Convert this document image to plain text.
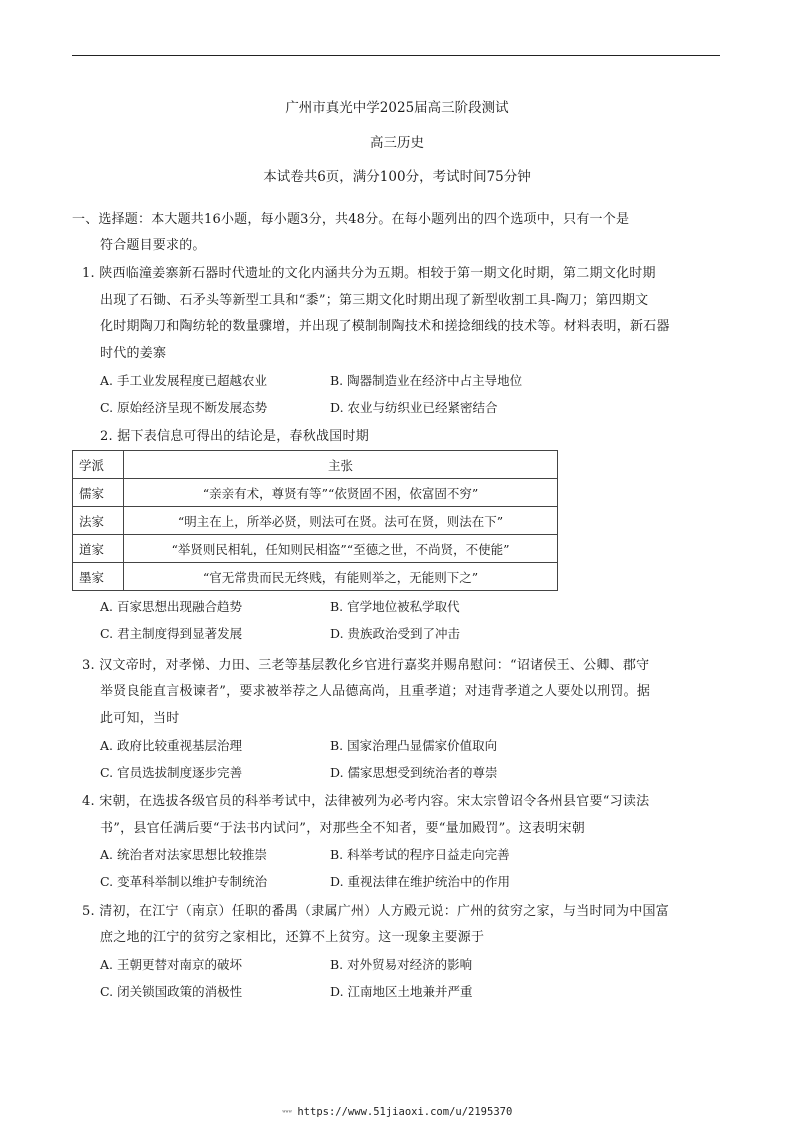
广州市真光中学2025届高三阶段测试
高三历史
本试卷共6页，满分100分，考试时间75分钟
一、选择题：本大题共16小题，每小题3分，共48分。在每小题列出的四个选项中，只有一个是
符合题目要求的。
1. 陕西临潼姜寨新石器时代遗址的文化内涵共分为五期。相较于第一期文化时期，第二期文化时期
出现了石锄、石矛头等新型工具和“黍”；第三期文化时期出现了新型收割工具-陶刀；第四期文
化时期陶刀和陶纺轮的数量骤增，并出现了模制制陶技术和搓捻细线的技术等。材料表明，新石器
时代的姜寨
A. 手工业发展程度已超越农业	B. 陶器制造业在经济中占主导地位
C. 原始经济呈现不断发展态势	D. 农业与纺织业已经紧密结合
2. 据下表信息可得出的结论是，春秋战国时期
学派	主张
儒家	“亲亲有术，尊贤有等”“依贤固不困，依富固不穷”
法家	“明主在上，所举必贤，则法可在贤。法可在贤，则法在下”
道家	“举贤则民相轧，任知则民相盗”“至德之世，不尚贤，不使能”
墨家	“官无常贵而民无终贱，有能则举之，无能则下之”
A. 百家思想出现融合趋势	B. 官学地位被私学取代
C. 君主制度得到显著发展	D. 贵族政治受到了冲击
3. 汉文帝时，对孝悌、力田、三老等基层教化乡官进行嘉奖并赐帛慰问：“诏诸侯王、公卿、郡守
举贤良能直言极谏者”，要求被举荐之人品德高尚，且重孝道；对违背孝道之人要处以刑罚。据
此可知，当时
A. 政府比较重视基层治理	B. 国家治理凸显儒家价值取向
C. 官员选拔制度逐步完善	D. 儒家思想受到统治者的尊崇
4. 宋朝，在选拔各级官员的科举考试中，法律被列为必考内容。宋太宗曾诏令各州县官要“习读法
书”，县官任满后要“于法书内试问”，对那些全不知者，要“量加殿罚”。这表明宋朝
A. 统治者对法家思想比较推崇	B. 科举考试的程序日益走向完善
C. 变革科举制以维护专制统治	D. 重视法律在维护统治中的作用
5. 清初，在江宁（南京）任职的番禺（隶属广州）人方殿元说：广州的贫穷之家，与当时同为中国富
庶之地的江宁的贫穷之家相比，还算不上贫穷。这一现象主要源于
A. 王朝更替对南京的破坏	B. 对外贸易对经济的影响
C. 闭关锁国政策的消极性	D. 江南地区土地兼并严重
ᵂᵂᵂ https://www.51jiaoxi.com/u/2195370
